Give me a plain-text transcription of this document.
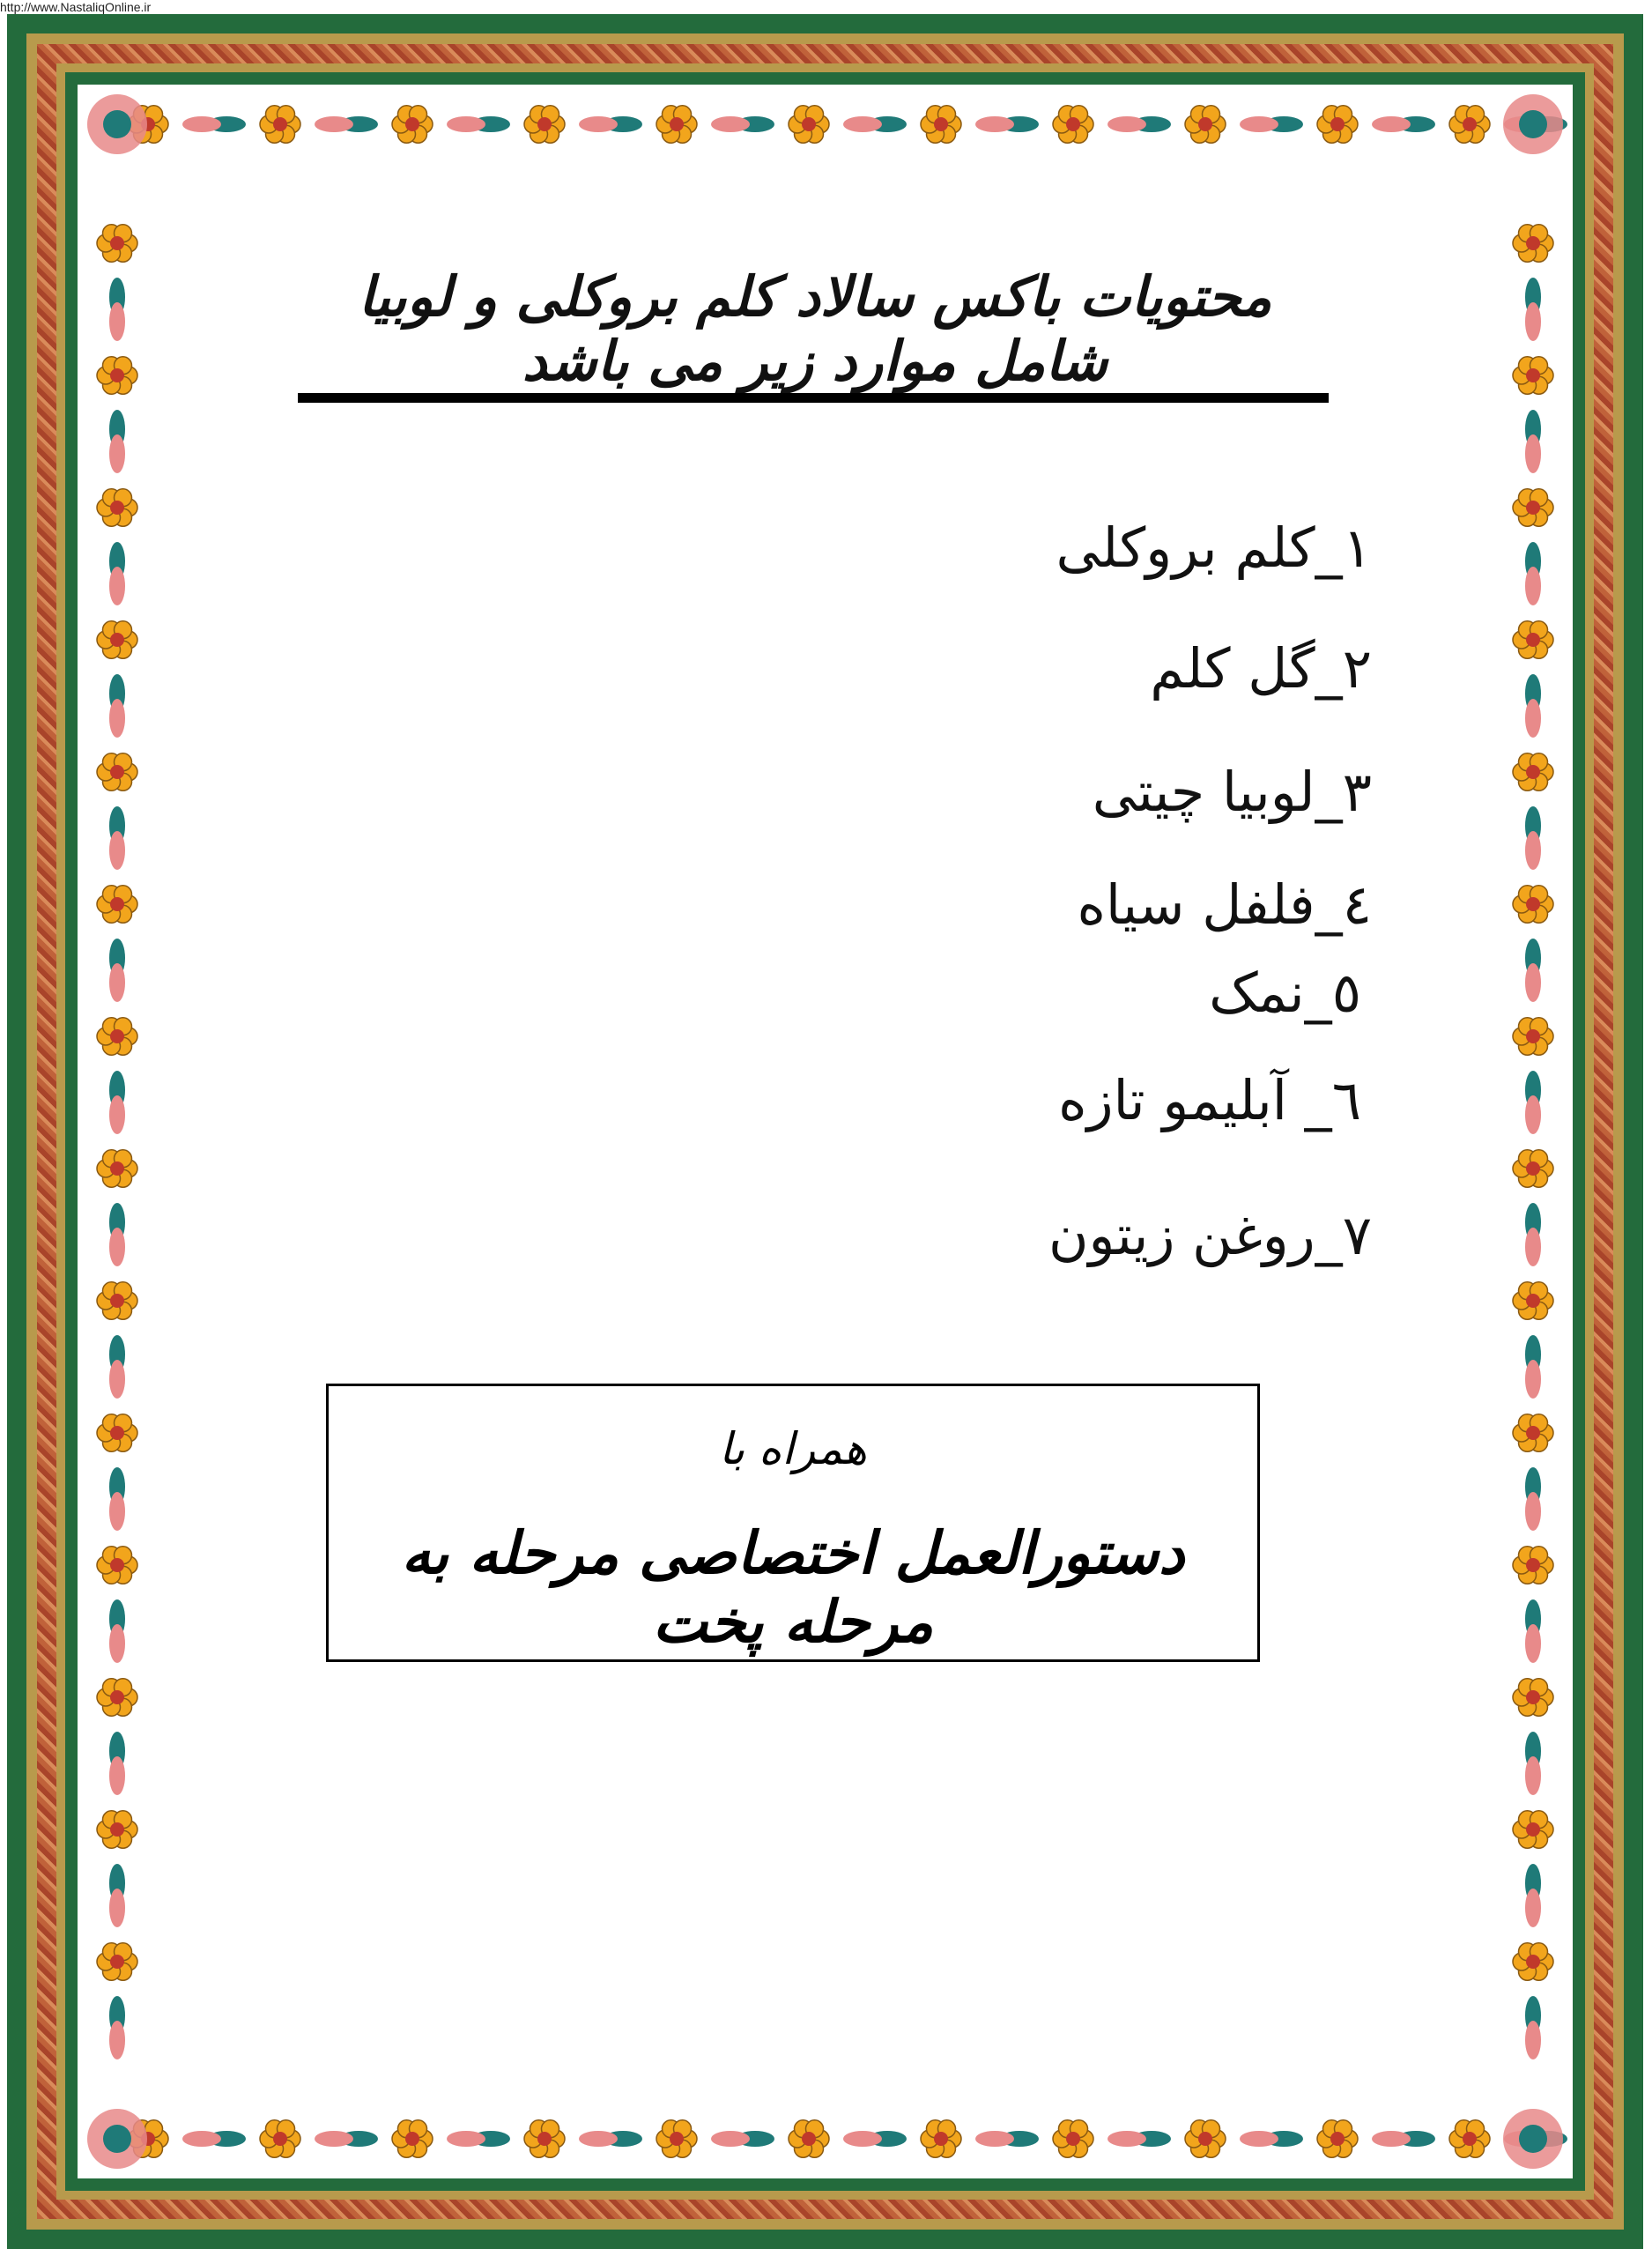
http://www.NastaliqOnline.ir
محتویات باکس سالاد کلم بروکلی و لوبیا شامل موارد زیر می باشد
۱_کلم بروکلی
۲_گل کلم
۳_لوبیا چیتی
٤_فلفل سیاه
٥_نمک
٦_ آبلیمو تازه
۷_روغن زیتون
همراه با
دستورالعمل اختصاصی مرحله به مرحله پخت
